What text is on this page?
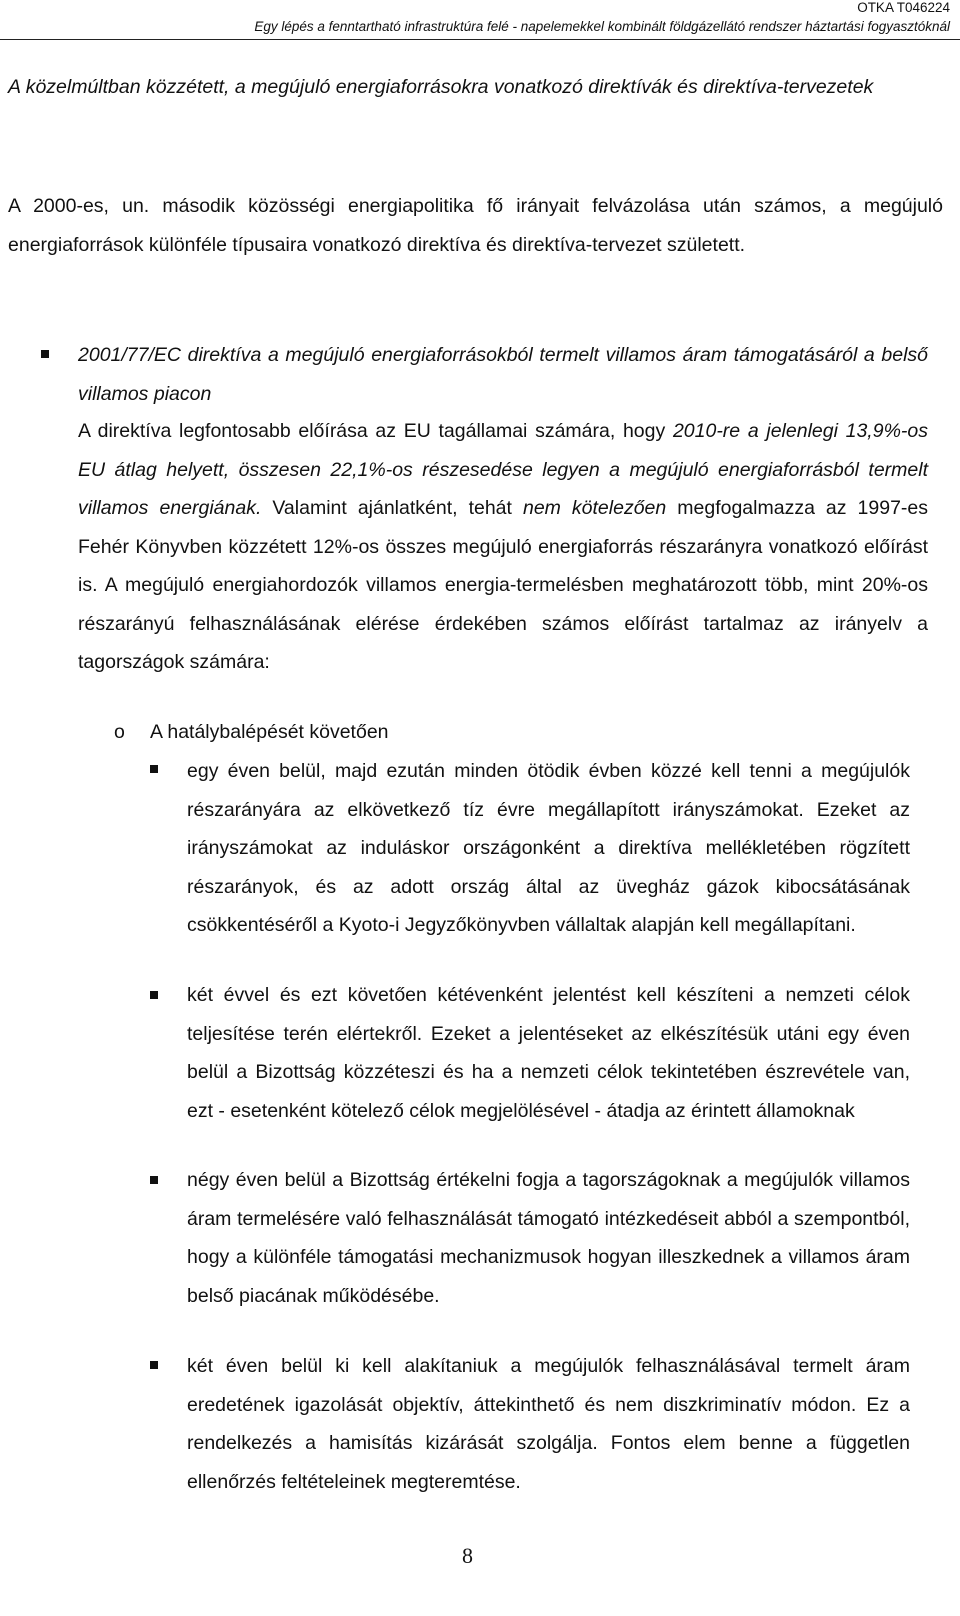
OTKA T046224
Egy lépés a fenntartható infrastruktúra felé - napelemekkel kombinált földgázellátó rendszer háztartási fogyasztóknál

A közelmúltban közzétett, a megújuló energiaforrásokra vonatkozó direktívák és direktíva-tervezetek

A 2000-es, un. második közösségi energiapolitika fő irányait felvázolása után számos, a megújuló energiaforrások különféle típusaira vonatkozó direktíva és direktíva-tervezet született.

2001/77/EC direktíva a megújuló energiaforrásokból termelt villamos áram támogatásáról a belső villamos piacon

A direktíva legfontosabb előírása az EU tagállamai számára, hogy 2010-re a jelenlegi 13,9%-os EU átlag helyett, összesen 22,1%-os részesedése legyen a megújuló energiaforrásból termelt villamos energiának. Valamint ajánlatként, tehát nem kötelezően megfogalmazza az 1997-es Fehér Könyvben közzétett 12%-os összes megújuló energiaforrás részarányra vonatkozó előírást is. A megújuló energiahordozók villamos energia-termelésben meghatározott több, mint 20%-os részarányú felhasználásának elérése érdekében számos előírást tartalmaz az irányelv a tagországok számára:

o A hatálybalépését követően

egy éven belül, majd ezután minden ötödik évben közzé kell tenni a megújulók részarányára az elkövetkező tíz évre megállapított irányszámokat. Ezeket az irányszámokat az induláskor országonként a direktíva mellékletében rögzített részarányok, és az adott ország által az üvegház gázok kibocsátásának csökkentéséről a Kyoto-i Jegyzőkönyvben vállaltak alapján kell megállapítani.

két évvel és ezt követően kétévenként jelentést kell készíteni a nemzeti célok teljesítése terén elértekről. Ezeket a jelentéseket az elkészítésük utáni egy éven belül a Bizottság közzéteszi és ha a nemzeti célok tekintetében észrevétele van, ezt - esetenként kötelező célok megjelölésével - átadja az érintett államoknak

négy éven belül a Bizottság értékelni fogja a tagországoknak a megújulók villamos áram termelésére való felhasználását támogató intézkedéseit abból a szempontból, hogy a különféle támogatási mechanizmusok hogyan illeszkednek a villamos áram belső piacának működésébe.

két éven belül ki kell alakítaniuk a megújulók felhasználásával termelt áram eredetének igazolását objektív, áttekinthető és nem diszkriminatív módon. Ez a rendelkezés a hamisítás kizárását szolgálja. Fontos elem benne a független ellenőrzés feltételeinek megteremtése.

8
